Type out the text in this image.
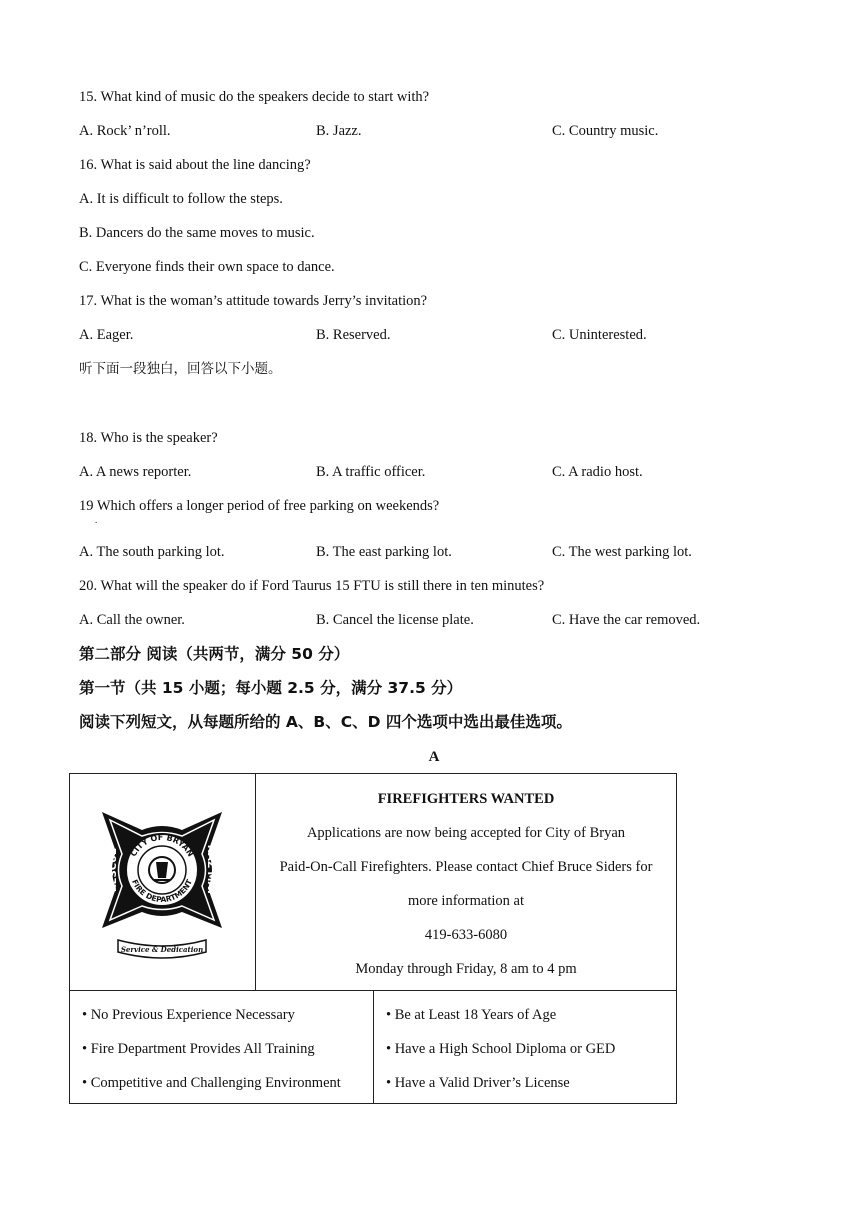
15. What kind of music do the speakers decide to start with?
A. Rock’ n’roll.	B. Jazz.	C. Country music.
16. What is said about the line dancing?
A. It is difficult to follow the steps.
B. Dancers do the same moves to music.
C. Everyone finds their own space to dance.
17. What is the woman’s attitude towards Jerry’s invitation?
A. Eager.	B. Reserved.	C. Uninterested.
听下面一段独白，回答以下小题。
18. Who is the speaker?
A. A news reporter.	B. A traffic officer.	C. A radio host.
19 Which offers a longer period of free parking on weekends?
.
A. The south parking lot.	B. The east parking lot.	C. The west parking lot.
20. What will the speaker do if Ford Taurus 15 FTU is still there in ten minutes?
A. Call the owner.	B. Cancel the license plate.	C. Have the car removed.
第二部分 阅读（共两节，满分 50 分）
第一节（共 15 小题；每小题 2.5 分，满分 37.5 分）
阅读下列短文，从每题所给的 A、B、C、D 四个选项中选出最佳选项。
A
CITY OF BRYAN
FIRE DEPARTMENT
FIRE
EMS
RESCUE	HAZ MAT
Service & Dedication
FIREFIGHTERS WANTED
Applications are now being accepted for City of Bryan
Paid-On-Call Firefighters. Please contact Chief Bruce Siders for
more information at
419-633-6080
Monday through Friday, 8 am to 4 pm
• No Previous Experience Necessary
• Fire Department Provides All Training
• Competitive and Challenging Environment
• Be at Least 18 Years of Age
• Have a High School Diploma or GED
• Have a Valid Driver’s License
